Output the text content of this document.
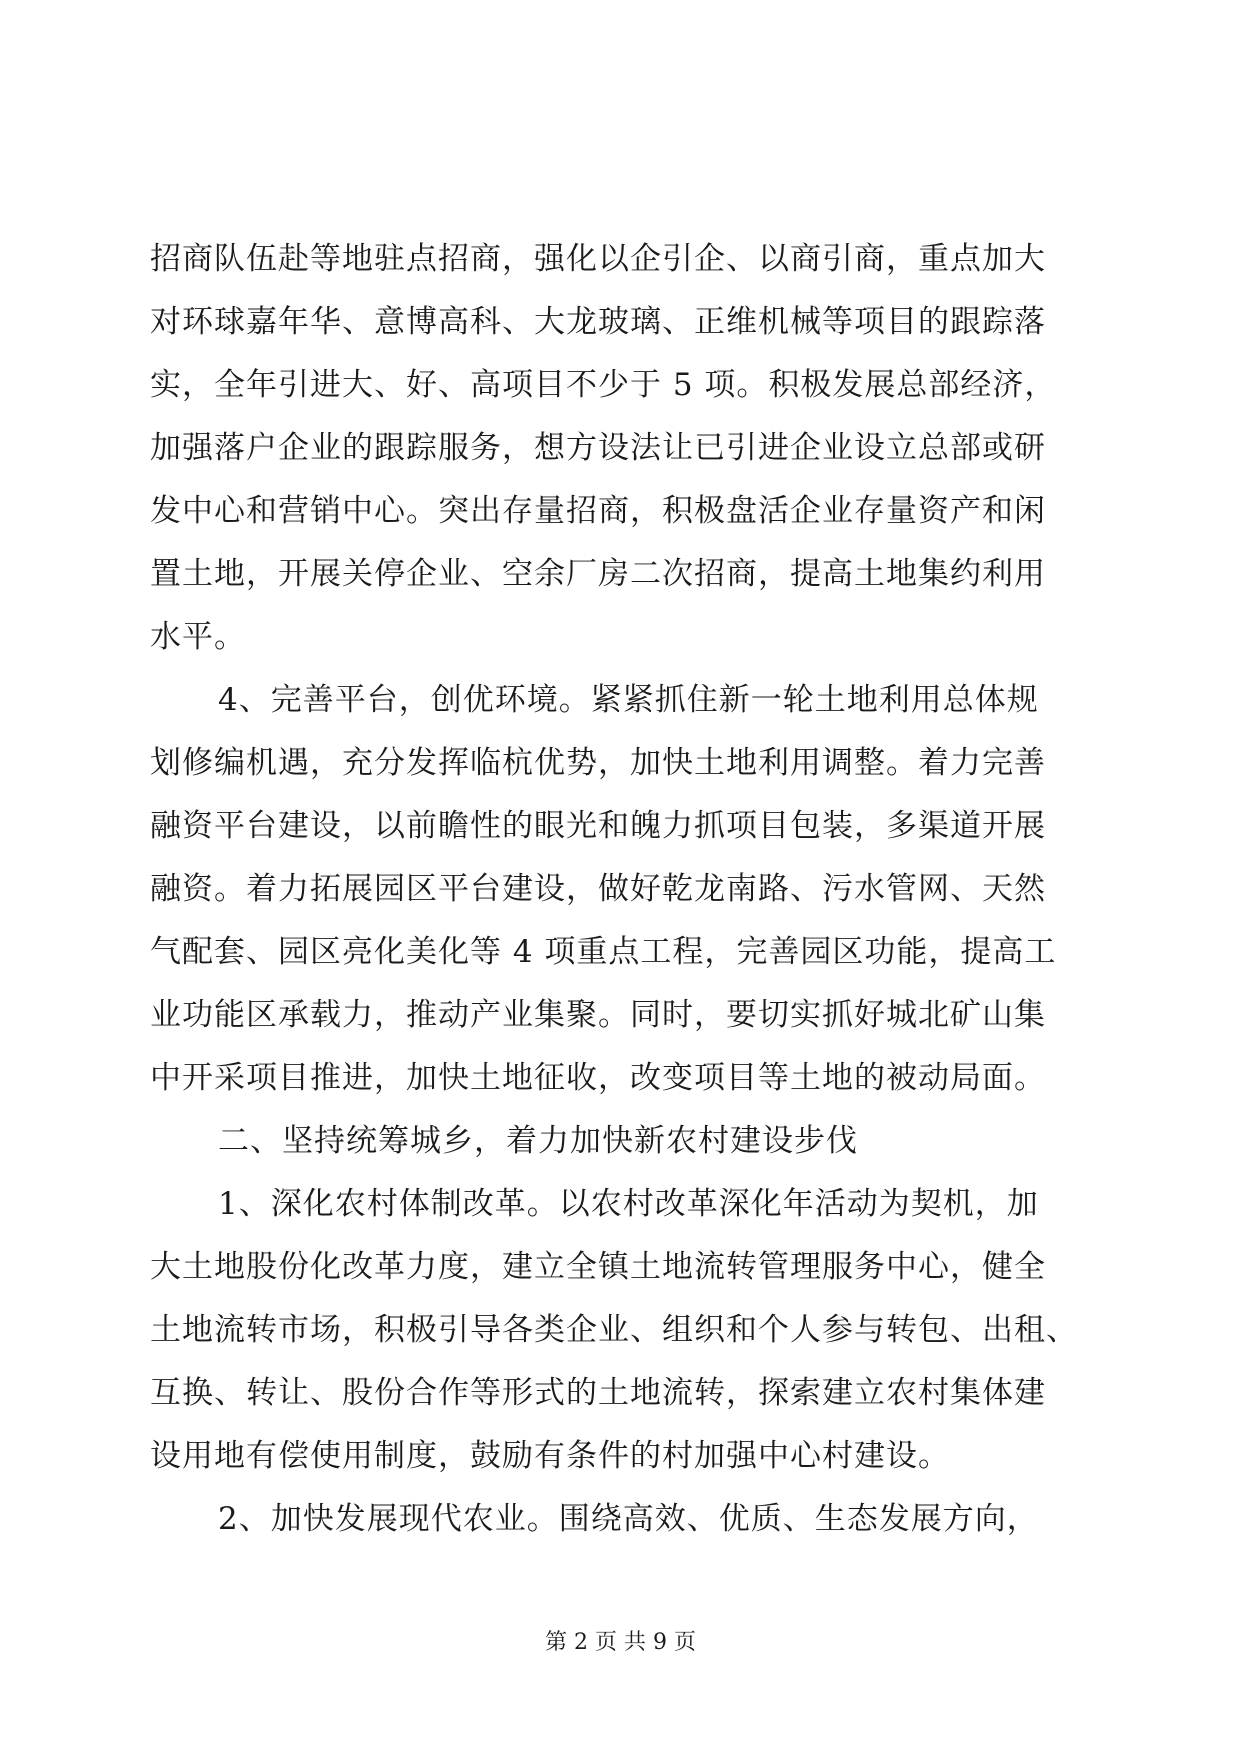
招商队伍赴等地驻点招商，强化以企引企、以商引商，重点加大
对环球嘉年华、意博高科、大龙玻璃、正维机械等项目的跟踪落
实，全年引进大、好、高项目不少于 5 项。积极发展总部经济，
加强落户企业的跟踪服务，想方设法让已引进企业设立总部或研
发中心和营销中心。突出存量招商，积极盘活企业存量资产和闲
置土地，开展关停企业、空余厂房二次招商，提高土地集约利用
水平。

4、完善平台，创优环境。紧紧抓住新一轮土地利用总体规
划修编机遇，充分发挥临杭优势，加快土地利用调整。着力完善
融资平台建设，以前瞻性的眼光和魄力抓项目包装，多渠道开展
融资。着力拓展园区平台建设，做好乾龙南路、污水管网、天然
气配套、园区亮化美化等 4 项重点工程，完善园区功能，提高工
业功能区承载力，推动产业集聚。同时，要切实抓好城北矿山集
中开采项目推进，加快土地征收，改变项目等土地的被动局面。

二、坚持统筹城乡，着力加快新农村建设步伐

1、深化农村体制改革。以农村改革深化年活动为契机，加
大土地股份化改革力度，建立全镇土地流转管理服务中心，健全
土地流转市场，积极引导各类企业、组织和个人参与转包、出租、
互换、转让、股份合作等形式的土地流转，探索建立农村集体建
设用地有偿使用制度，鼓励有条件的村加强中心村建设。

2、加快发展现代农业。围绕高效、优质、生态发展方向，

第 2 页 共 9 页
